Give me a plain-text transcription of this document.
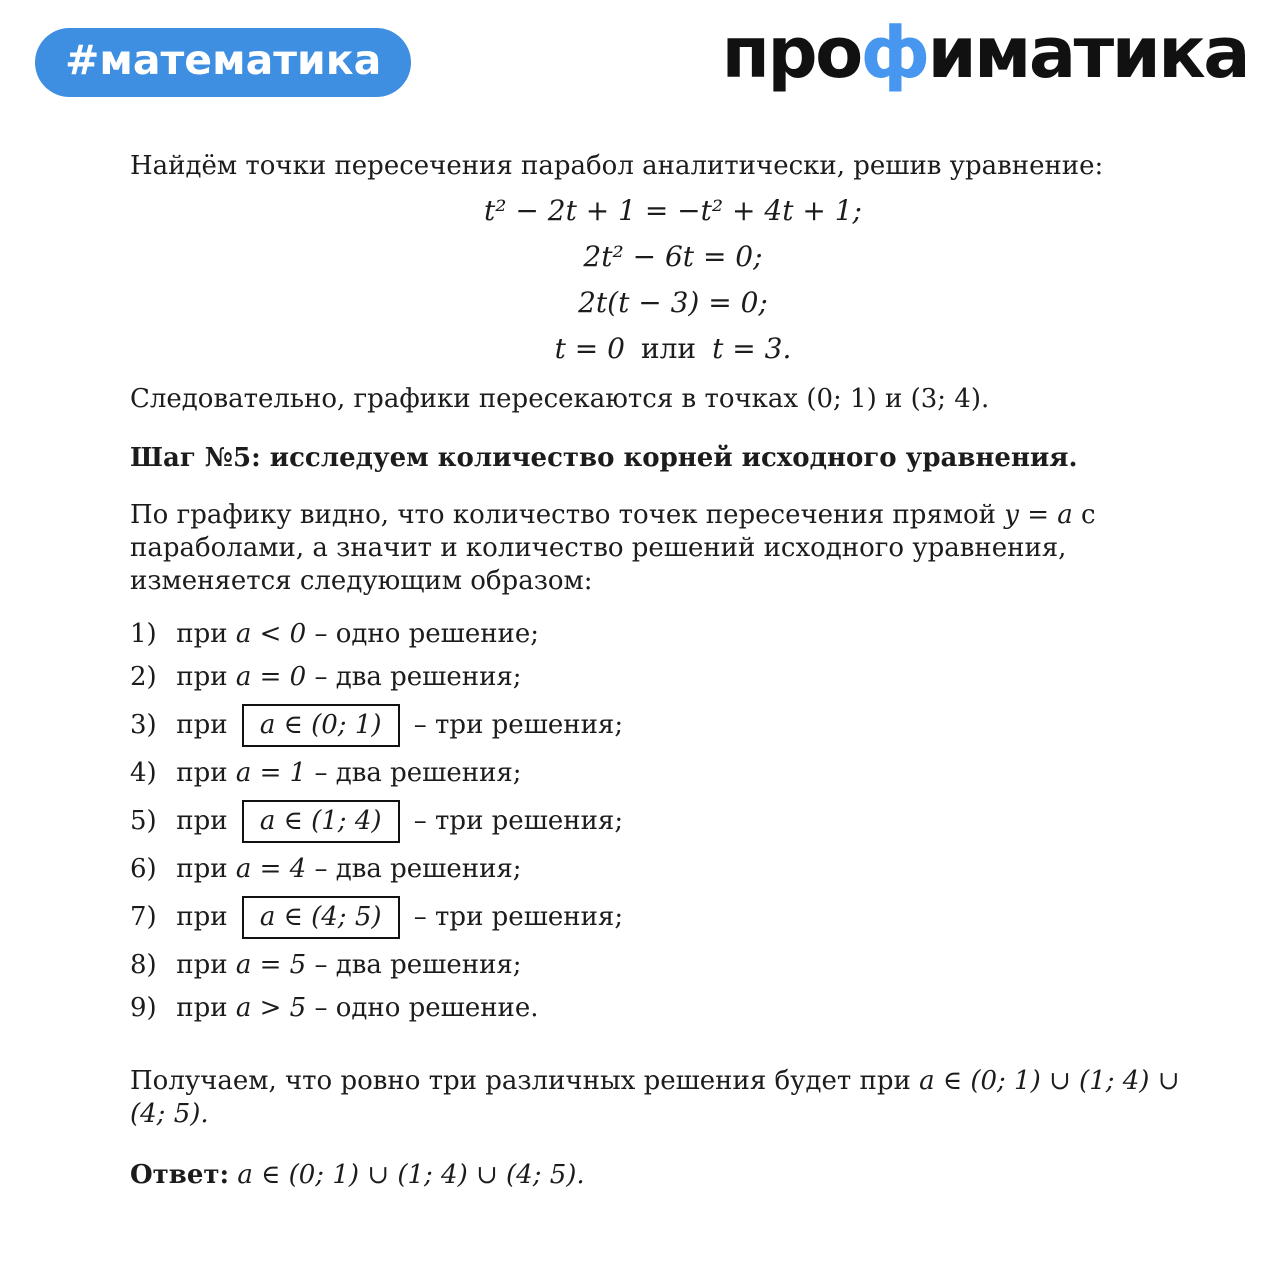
#математика	профиматика

Найдём точки пересечения парабол аналитически, решив уравнение:

t² − 2t + 1 = −t² + 4t + 1;
2t² − 6t = 0;
2t(t − 3) = 0;
t = 0 или t = 3.

Следовательно, графики пересекаются в точках (0; 1) и (3; 4).

Шаг №5: исследуем количество корней исходного уравнения.

По графику видно, что количество точек пересечения прямой y = a с параболами, а значит и количество решений исходного уравнения, изменяется следующим образом:

1) при a < 0 – одно решение;
2) при a = 0 – два решения;
3) при a ∈ (0; 1) – три решения;
4) при a = 1 – два решения;
5) при a ∈ (1; 4) – три решения;
6) при a = 4 – два решения;
7) при a ∈ (4; 5) – три решения;
8) при a = 5 – два решения;
9) при a > 5 – одно решение.

Получаем, что ровно три различных решения будет при a ∈ (0; 1) ∪ (1; 4) ∪ (4; 5).

Ответ: a ∈ (0; 1) ∪ (1; 4) ∪ (4; 5).
